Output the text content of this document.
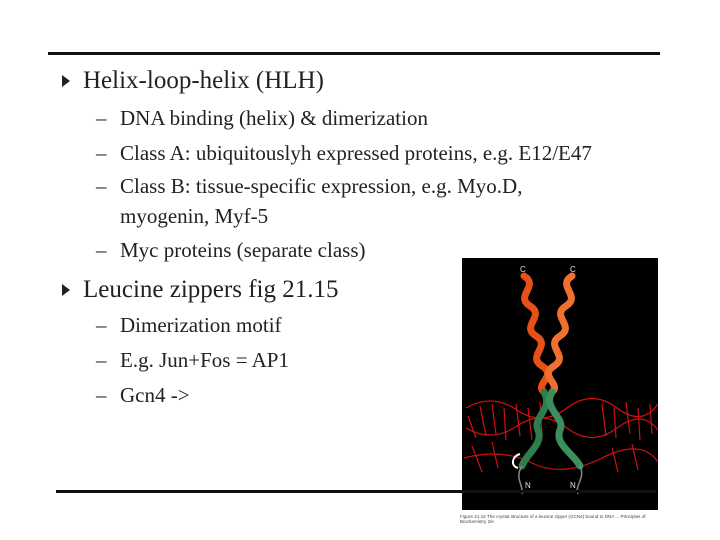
Helix-loop-helix (HLH)
– DNA binding (helix) & dimerization
– Class A: ubiquitouslyh expressed proteins, e.g. E12/E47
– Class B: tissue-specific expression, e.g. Myo.D, myogenin, Myf-5
– Myc proteins (separate class)
Leucine zippers fig 21.15
– Dimerization motif
– E.g. Jun+Fos = AP1
– Gcn4 ->
C	C
N	N
Figure 21.15 The crystal structure of a leucine zipper (GCN4) bound to DNA ... Principles of Biochemistry 2/e
